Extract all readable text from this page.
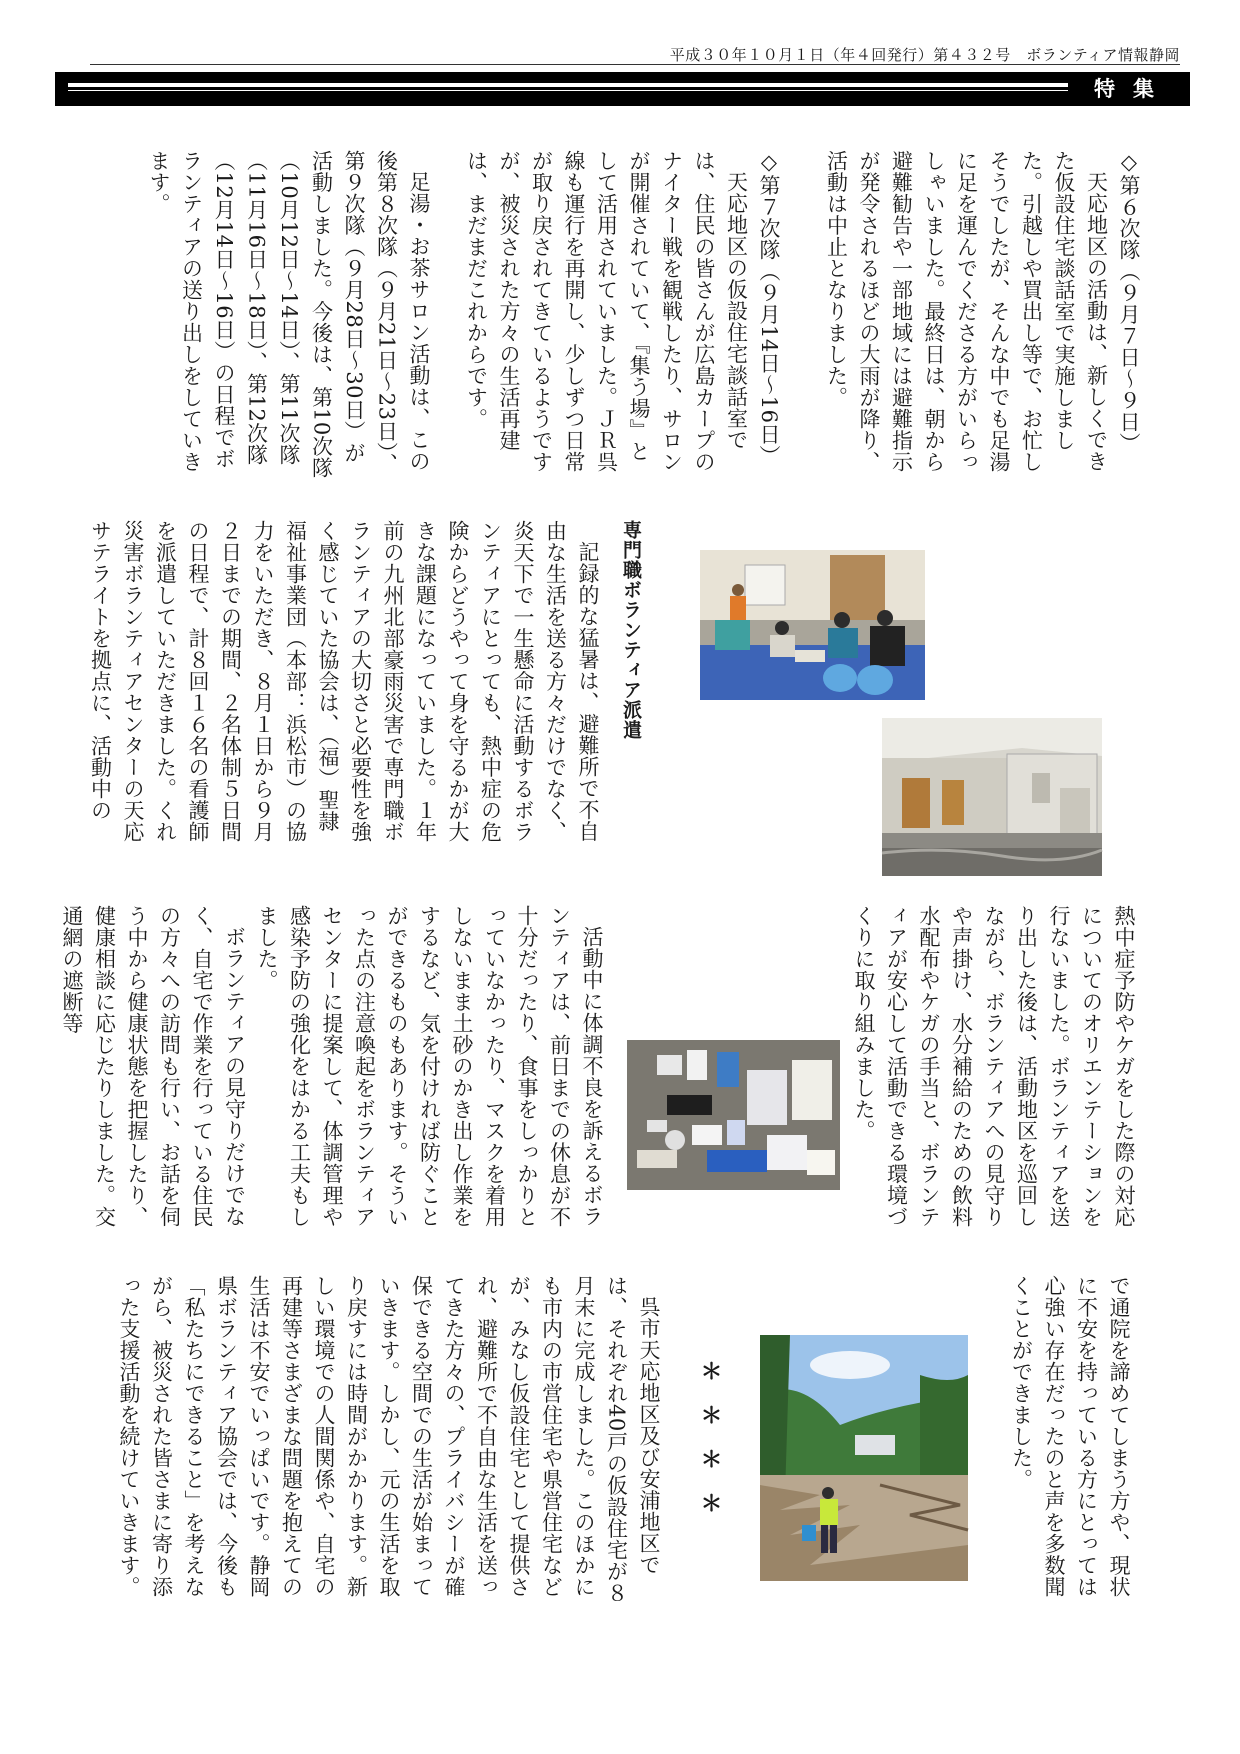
平成３０年１０月１日（年４回発行）第４３２号　ボランティア情報静岡
特集

◇第６次隊（９月７日〜９日）

天応地区の活動は、新しくできた仮設住宅談話室で実施しました。引越しや買出し等で、お忙しそうでしたが、そんな中でも足湯に足を運んでくださる方がいらっしゃいました。最終日は、朝から避難勧告や一部地域には避難指示が発令されるほどの大雨が降り、活動は中止となりました。

◇第７次隊（９月14日〜16日）

天応地区の仮設住宅談話室では、住民の皆さんが広島カープのナイター戦を観戦したり、サロンが開催されていて、『集う場』として活用されていました。ＪＲ呉線も運行を再開し、少しずつ日常が取り戻されてきているようですが、被災された方々の生活再建は、まだまだこれからです。

足湯・お茶サロン活動は、この後第８次隊（９月21日〜23日）、第９次隊（９月28日〜30日）が活動しました。今後は、第10次隊（10月12日〜14日）、第11次隊（11月16日〜18日）、第12次隊（12月14日〜16日）の日程でボランティアの送り出しをしていきます。

専門職ボランティア派遣

記録的な猛暑は、避難所で不自由な生活を送る方々だけでなく、炎天下で一生懸命に活動するボランティアにとっても、熱中症の危険からどうやって身を守るかが大きな課題になっていました。１年前の九州北部豪雨災害で専門職ボランティアの大切さと必要性を強く感じていた協会は、（福）聖隷福祉事業団（本部：浜松市）の協力をいただき、８月１日から９月２日までの期間、２名体制５日間の日程で、計８回１６名の看護師を派遣していただきました。くれ災害ボランティアセンターの天応サテライトを拠点に、活動中の

熱中症予防やケガをした際の対応についてのオリエンテーションを行ないました。ボランティアを送り出した後は、活動地区を巡回しながら、ボランティアへの見守りや声掛け、水分補給のための飲料水配布やケガの手当と、ボランティアが安心して活動できる環境づくりに取り組みました。

活動中に体調不良を訴えるボランティアは、前日までの休息が不十分だったり、食事をしっかりとっていなかったり、マスクを着用しないまま土砂のかき出し作業をするなど、気を付ければ防ぐことができるものもあります。そういった点の注意喚起をボランティアセンターに提案して、体調管理や感染予防の強化をはかる工夫もしました。

ボランティアの見守りだけでなく、自宅で作業を行っている住民の方々への訪問も行い、お話を伺う中から健康状態を把握したり、健康相談に応じたりしました。交通網の遮断等

で通院を諦めてしまう方や、現状に不安を持っている方にとっては心強い存在だったのと声を多数聞くことができました。

＊＊＊＊

呉市天応地区及び安浦地区では、それぞれ40戸の仮設住宅が８月末に完成しました。このほかにも市内の市営住宅や県営住宅などが、みなし仮設住宅として提供され、避難所で不自由な生活を送ってきた方々の、プライバシーが確保できる空間での生活が始まっていきます。しかし、元の生活を取り戻すには時間がかかります。新しい環境での人間関係や、自宅の再建等さまざまな問題を抱えての生活は不安でいっぱいです。静岡県ボランティア協会では、今後も「私たちにできること」を考えながら、被災された皆さまに寄り添った支援活動を続けていきます。
